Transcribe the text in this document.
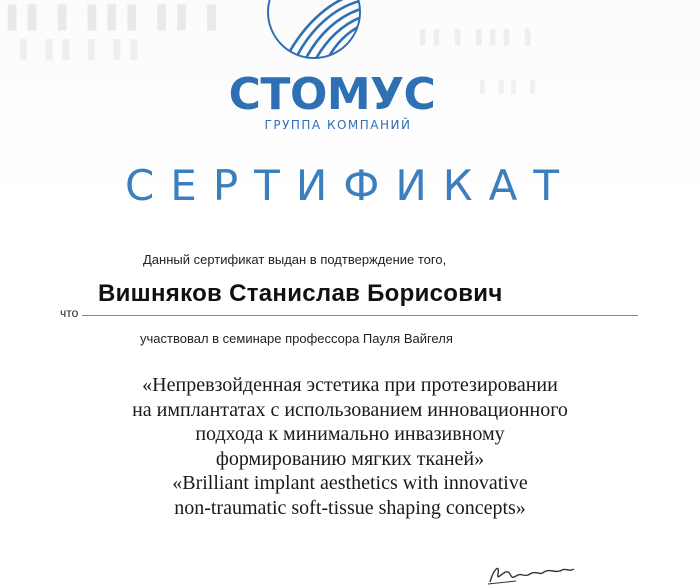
▌▌ ▌ ▌▌▌ ▌▌ ▌
▌ ▌▌ ▌ ▌▌
▌▌ ▌ ▌▌▌ ▌
▌ ▌▌ ▌
СТОМУС
ГРУППА КОМПАНИЙ
СЕРТИФИКАТ
Данный сертификат выдан в подтверждение того,
что
Вишняков Станислав Борисович
участвовал в семинаре профессора Пауля Вайгеля
«Непревзойденная эстетика при протезировании
на имплантатах с использованием инновационного
подхода к минимально инвазивному
формированию мягких тканей»
«Brilliant implant aesthetics with innovative
non-traumatic soft-tissue shaping concepts»
